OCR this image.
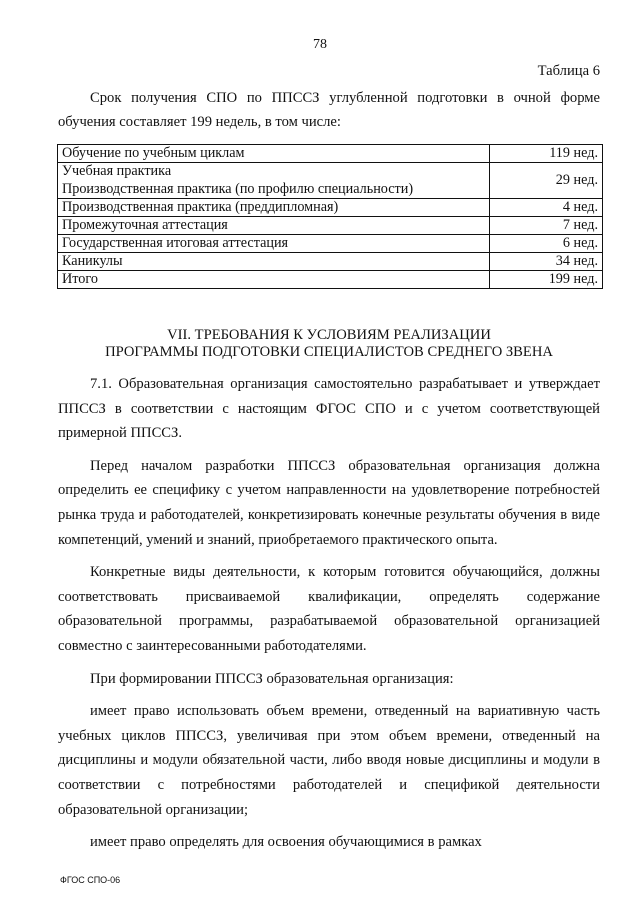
78
Таблица 6

Срок получения СПО по ППССЗ углубленной подготовки в очной форме обучения составляет 199 недель, в том числе:

Обучение по учебным циклам	119 нед.

Учебная практика
Производственная практика (по профилю специальности)	29 нед.
Производственная практика (преддипломная)	4 нед.
Промежуточная аттестация	7 нед.
Государственная итоговая аттестация	6 нед.
Каникулы	34 нед.
Итого	199 нед.
VII. ТРЕБОВАНИЯ К УСЛОВИЯМ РЕАЛИЗАЦИИ
ПРОГРАММЫ ПОДГОТОВКИ СПЕЦИАЛИСТОВ СРЕДНЕГО ЗВЕНА

7.1. Образовательная организация самостоятельно разрабатывает и утверждает ППССЗ в соответствии с настоящим ФГОС СПО и с учетом соответствующей примерной ППССЗ.

Перед началом разработки ППССЗ образовательная организация должна определить ее специфику с учетом направленности на удовлетворение потребностей рынка труда и работодателей, конкретизировать конечные результаты обучения в виде компетенций, умений и знаний, приобретаемого практического опыта.

Конкретные виды деятельности, к которым готовится обучающийся, должны соответствовать присваиваемой квалификации, определять содержание образовательной программы, разрабатываемой образовательной организацией совместно с заинтересованными работодателями.

При формировании ППССЗ образовательная организация:

имеет право использовать объем времени, отведенный на вариативную часть учебных циклов ППССЗ, увеличивая при этом объем времени, отведенный на дисциплины и модули обязательной части, либо вводя новые дисциплины и модули в соответствии с потребностями работодателей и спецификой деятельности образовательной организации;

имеет право определять для освоения обучающимися в рамках

ФГОС СПО-06
